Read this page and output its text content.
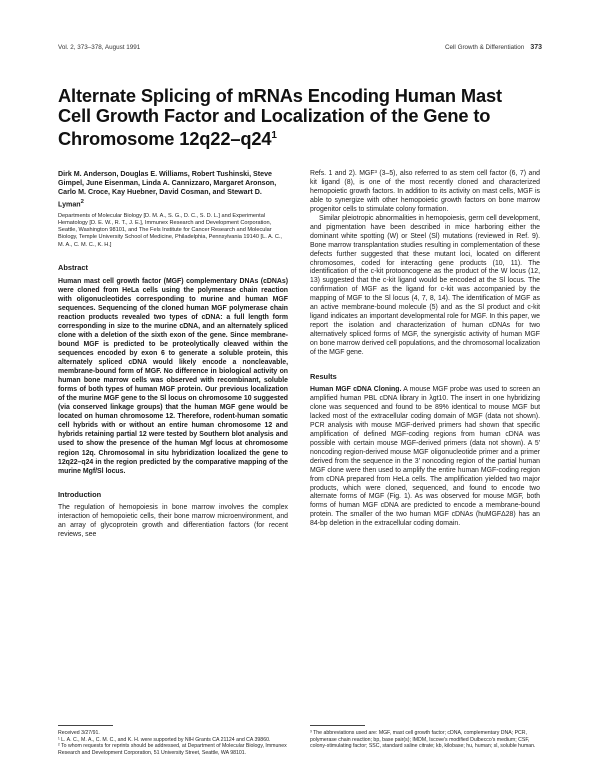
Vol. 2, 373–378, August 1991	Cell Growth & Differentiation 373
Alternate Splicing of mRNAs Encoding Human Mast Cell Growth Factor and Localization of the Gene to Chromosome $12q22-q24^1$
Dirk M. Anderson, Douglas E. Williams, Robert Tushinski, Steve Gimpel, June Eisenman, Linda A. Cannizzaro, Margaret Aronson, Carlo M. Croce, Kay Huebner, David Cosman, and Stewart D. Lyman$^2$
Departments of Molecular Biology [D. M. A., S. G., D. C., S. D. L.] and Experimental Hematology [D. E. W., R. T., J. E.], Immunex Research and Development Corporation, Seattle, Washington 98101, and The Fels Institute for Cancer Research and Molecular Biology, Temple University School of Medicine, Philadelphia, Pennsylvania 19140 [L. A. C., M. A., C. M. C., K. H.]
Abstract
Human mast cell growth factor (MGF) complementary DNAs (cDNAs) were cloned from HeLa cells using the polymerase chain reaction with oligonucleotides corresponding to murine and human MGF sequences. Sequencing of the cloned human MGF polymerase chain reaction products revealed two types of cDNA: a full length form corresponding in size to the murine cDNA, and an alternately spliced clone with a deletion of the sixth exon of the gene. Since membrane-bound MGF is predicted to be proteolytically cleaved within the sequences encoded by exon 6 to generate a soluble protein, this alternately spliced cDNA would likely encode a noncleavable, membrane-bound form of MGF. No difference in biological activity on human bone marrow cells was observed with recombinant, soluble forms of both types of human MGF protein. Our previous localization of the murine MGF gene to the Sl locus on chromosome 10 suggested (via conserved linkage groups) that the human MGF gene would be located on human chromosome 12. Therefore, rodent-human somatic cell hybrids with or without an entire human chromosome 12 and hybrids retaining partial 12 were tested by Southern blot analysis and used to show the presence of the human Mgf locus at chromosome region 12q. Chromosomal in situ hybridization localized the gene to 12q22–q24 in the region predicted by the comparative mapping of the murine Mgf/Sl locus.
Introduction

The regulation of hemopoiesis in bone marrow involves the complex interaction of hemopoietic cells, their bone marrow microenvironment, and an array of glycoprotein growth and differentiation factors (for recent reviews, see

Refs. 1 and 2). MGF³ (3–5), also referred to as stem cell factor (6, 7) and kit ligand (8), is one of the most recently cloned and characterized hemopoietic growth factors. In addition to its activity on mast cells, MGF is able to synergize with other hemopoietic growth factors on bone marrow progenitor cells to stimulate colony formation.

Similar pleiotropic abnormalities in hemopoiesis, germ cell development, and pigmentation have been described in mice harboring either the dominant white spotting (W) or Steel (Sl) mutations (reviewed in Ref. 9). Bone marrow transplantation studies resulting in complementation of these defects further suggested that these mutant loci, located on different chromosomes, coded for interacting gene products (10, 11). The identification of the c-kit protooncogene as the product of the W locus (12, 13) suggested that the c-kit ligand would be encoded at the Sl locus. The confirmation of MGF as the ligand for c-kit was accompanied by the mapping of MGF to the Sl locus (4, 7, 8, 14). The identification of MGF as an active membrane-bound molecule (5) and as the Sl product and c-kit ligand indicates an important developmental role for MGF. In this paper, we report the isolation and characterization of human cDNAs for two alternatively spliced forms of MGF, the synergistic activity of human MGF on bone marrow derived cell populations, and the chromosomal localization of the MGF gene.

Results

Human MGF cDNA Cloning. A mouse MGF probe was used to screen an amplified human PBL cDNA library in λgt10. The insert in one hybridizing clone was sequenced and found to be 89% identical to mouse MGF but lacked most of the extracellular coding domain of MGF (data not shown). PCR analysis with mouse MGF-derived primers had shown that specific amplification of defined MGF-coding regions from human cDNA was possible with certain mouse MGF-derived primers (data not shown). A 5′ noncoding region-derived mouse MGF oligonucleotide primer and a primer derived from the sequence in the 3′ noncoding region of the partial human MGF clone were then used to amplify the entire human MGF-coding region from cDNA prepared from HeLa cells. The amplification yielded two major products, which were cloned, sequenced, and found to encode two alternate forms of MGF (Fig. 1). As was observed for mouse MGF, both forms of human MGF cDNA are predicted to encode a membrane-bound protein. The smaller of the two human MGF cDNAs (huMGFΔ28) has an 84-bp deletion in the extracellular coding domain.

Received 3/27/91.
¹ L. A. C., M. A., C. M. C., and K. H. were supported by NIH Grants CA 21124 and CA 39860.
² To whom requests for reprints should be addressed, at Department of Molecular Biology, Immunex Research and Development Corporation, 51 University Street, Seattle, WA 98101.
³ The abbreviations used are: MGF, mast cell growth factor; cDNA, complementary DNA; PCR, polymerase chain reaction; bp, base pair(s); IMDM, Iscove's modified Dulbecco's medium; CSF, colony-stimulating factor; SSC, standard saline citrate; kb, kilobase; hu, human; sl, soluble human.
